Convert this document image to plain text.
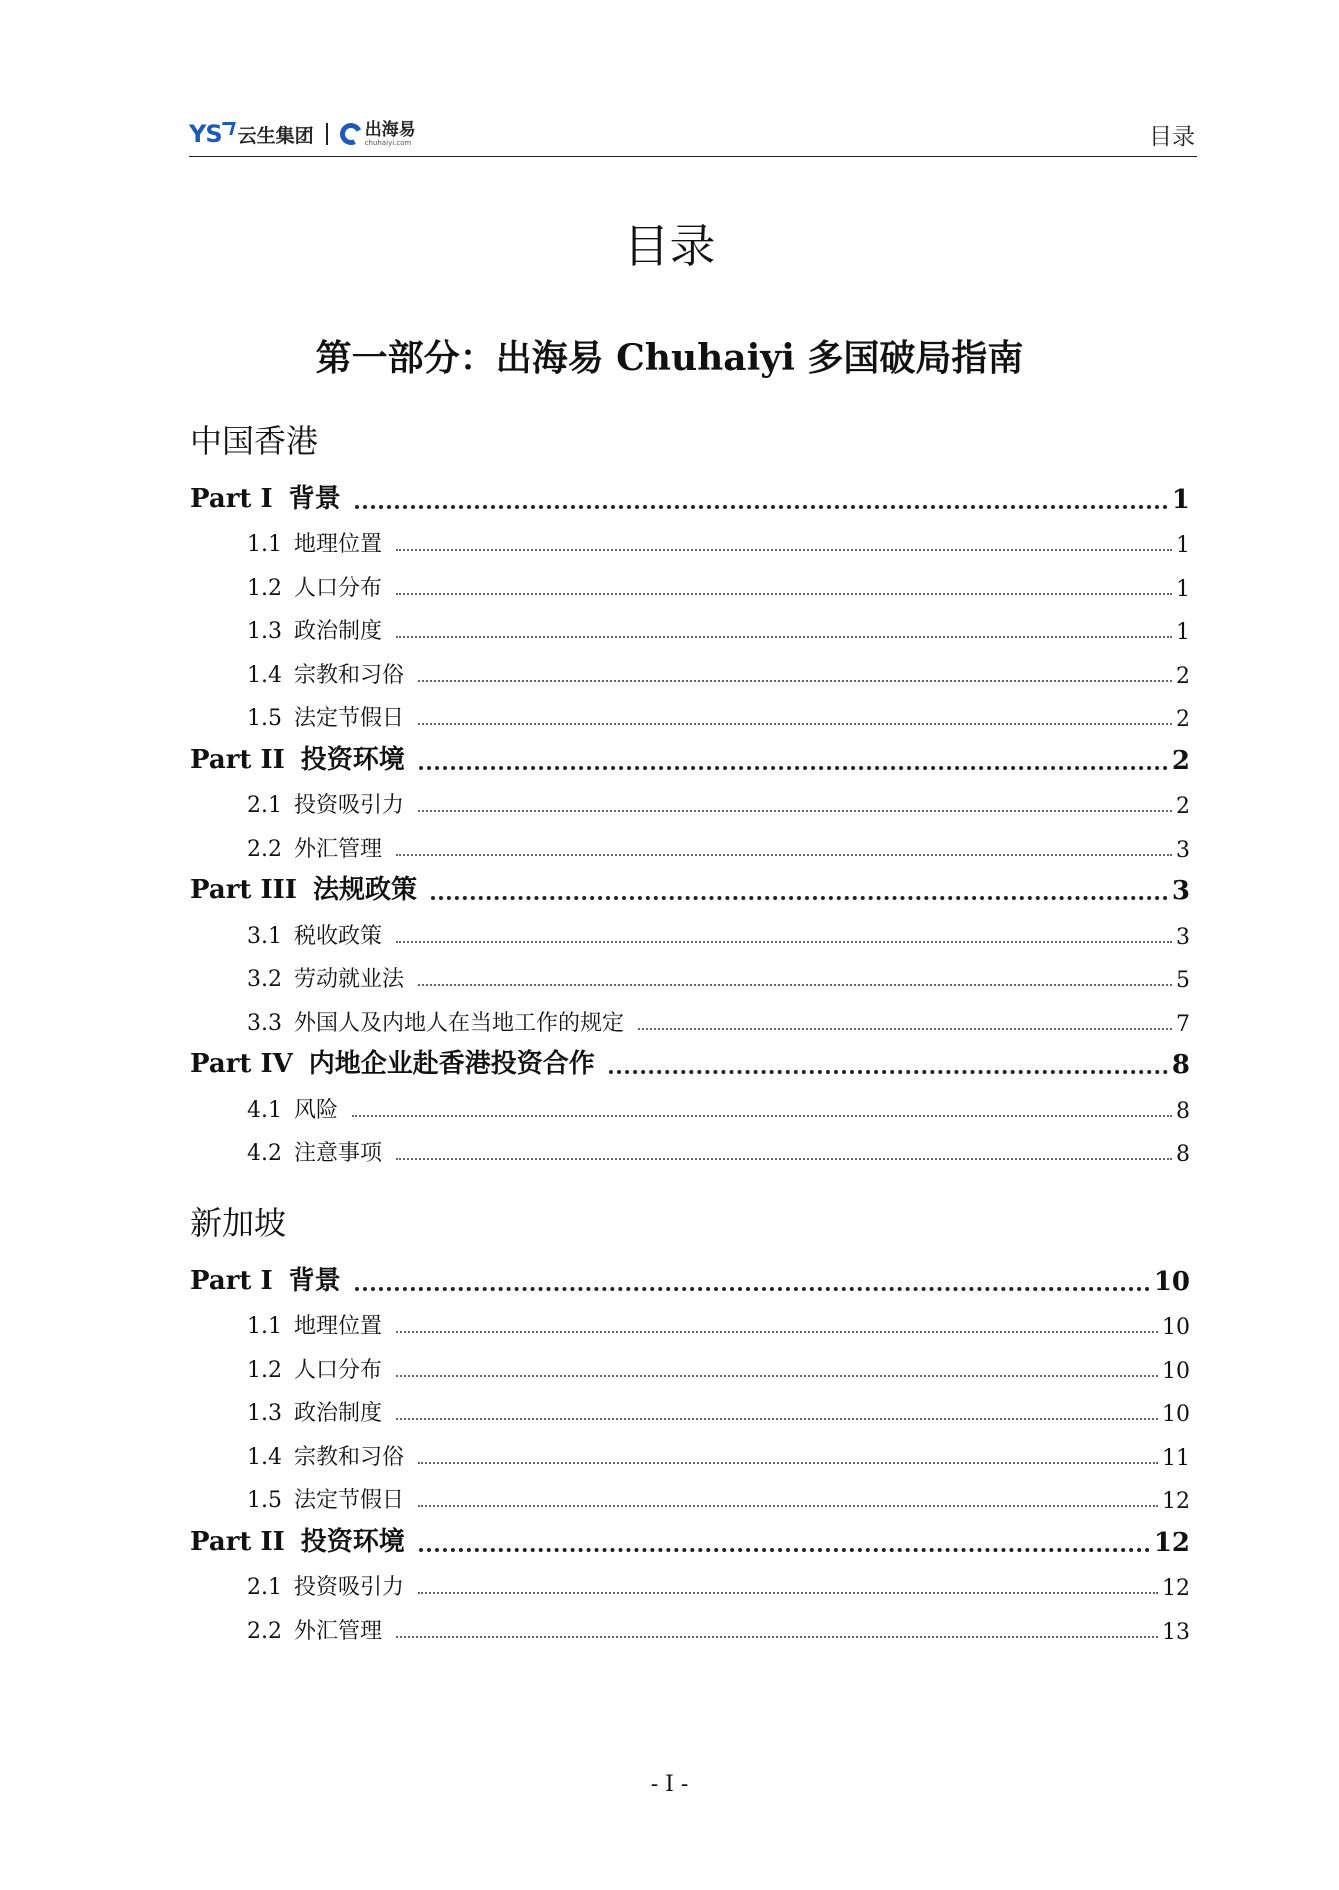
YS 云生集团	出海易
chuhaiyi.com	目录
目录
第一部分：出海易 Chuhaiyi 多国破局指南
中国香港
Part I 背景	1
1.1 地理位置	1
1.2 人口分布	1
1.3 政治制度	1
1.4 宗教和习俗	2
1.5 法定节假日	2
Part II 投资环境	2
2.1 投资吸引力	2
2.2 外汇管理	3
Part III 法规政策	3
3.1 税收政策	3
3.2 劳动就业法	5
3.3 外国人及内地人在当地工作的规定	7
Part IV 内地企业赴香港投资合作	8
4.1 风险	8
4.2 注意事项	8
新加坡
Part I 背景	10
1.1 地理位置	10
1.2 人口分布	10
1.3 政治制度	10
1.4 宗教和习俗	11
1.5 法定节假日	12
Part II 投资环境	12
2.1 投资吸引力	12
2.2 外汇管理	13
- I -
